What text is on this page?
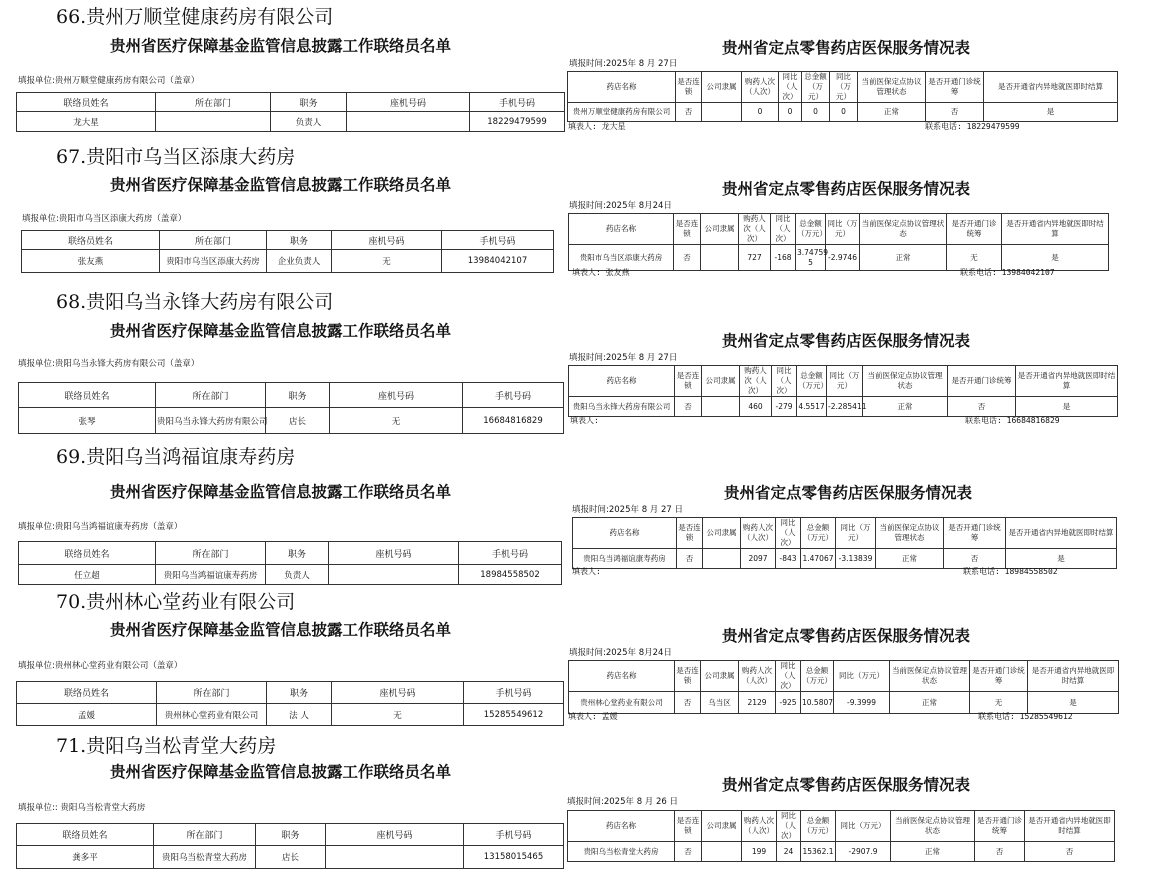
66.贵州万顺堂健康药房有限公司
贵州省医疗保障基金监管信息披露工作联络员名单	贵州省定点零售药店医保服务情况表
填报单位:贵州万顺堂健康药房有限公司（盖章）
填报时间:2025年 8 月 27日
联络员姓名	所在部门	职务	座机号码	手机号码
龙大星		负责人		18229479599
药店名称	是否连锁	公司隶属	购药人次（人次）	同比（人次）	总金额（万元）	同比（万元）	当前医保定点协议管理状态	是否开通门诊统筹	是否开通省内异地就医即时结算
贵州万顺堂健康药房有限公司	否		0	0	0	0	正常	否	是
填表人: 龙大星	联系电话: 18229479599
67.贵阳市乌当区添康大药房
贵州省医疗保障基金监管信息披露工作联络员名单	贵州省定点零售药店医保服务情况表
填报单位:贵阳市乌当区添康大药房（盖章）
填报时间:2025年 8月24日
联络员姓名	所在部门	职务	座机号码	手机号码
张友燕	贵阳市乌当区添康大药房	企业负责人	无	13984042107
药店名称	是否连锁	公司隶属	购药人次（人次）	同比（人次）	总金额（万元）	同比（万元）	当前医保定点协议管理状态	是否开通门诊统筹	是否开通省内异地就医即时结算
贵阳市乌当区添康大药房	否		727	-168	3.74759 5	-2.9746	正常	无	是
填表人: 张友燕	联系电话: 13984042107
68.贵阳乌当永锋大药房有限公司
贵州省医疗保障基金监管信息披露工作联络员名单
贵州省定点零售药店医保服务情况表
填报单位:贵阳乌当永锋大药房有限公司（盖章）
填报时间:2025年 8 月 27日
联络员姓名	所在部门	职务	座机号码	手机号码
张琴	贵阳乌当永锋大药房有限公司	店长	无	16684816829
药店名称	是否连锁	公司隶属	购药人次（人次）	同比（人次）	总金额（万元）	同比（万元）	当前医保定点协议管理状态	是否开通门诊统筹	是否开通省内异地就医即时结算
贵阳乌当永锋大药房有限公司	否		460	-279	4.5517	-2.285411	正常	否	是
填表人:	联系电话: 16684816829
69.贵阳乌当鸿福谊康寿药房
贵州省医疗保障基金监管信息披露工作联络员名单	贵州省定点零售药店医保服务情况表
填报单位:贵阳乌当鸿福谊康寿药房（盖章）
填报时间:2025年 8 月 27 日
联络员姓名	所在部门	职务	座机号码	手机号码
任立超	贵阳乌当鸿福谊康寿药房	负责人		18984558502
药店名称	是否连锁	公司隶属	购药人次（人次）	同比（人次）	总金额（万元）	同比（万元）	当前医保定点协议管理状态	是否开通门诊统筹	是否开通省内异地就医即时结算
贵阳乌当鸿福谊康寿药房	否		2097	-843	1.47067	-3.13839	正常	否	是
填表人:	联系电话: 18984558502
70.贵州林心堂药业有限公司
贵州省医疗保障基金监管信息披露工作联络员名单	贵州省定点零售药店医保服务情况表
填报单位:贵州林心堂药业有限公司（盖章）
填报时间:2025年 8月24日
联络员姓名	所在部门	职务	座机号码	手机号码
孟媛	贵州林心堂药业有限公司	法 人	无	15285549612
药店名称	是否连锁	公司隶属	购药人次（人次）	同比（人次）	总金额（万元）	同比（万元）	当前医保定点协议管理状态	是否开通门诊统筹	是否开通省内异地就医即时结算
贵州林心堂药业有限公司	否	乌当区	2129	-925	10.5807	-9.3999	正常	无	是
填表人: 孟媛	联系电话: 15285549612
71.贵阳乌当松青堂大药房
贵州省医疗保障基金监管信息披露工作联络员名单
贵州省定点零售药店医保服务情况表
填报单位:: 贵阳乌当松青堂大药房
填报时间:2025年 8 月 26 日
联络员姓名	所在部门	职务	座机号码	手机号码
龚多平	贵阳乌当松青堂大药房	店长		13158015465
药店名称	是否连锁	公司隶属	购药人次（人次）	同比（人次）	总金额（万元）	同比（万元）	当前医保定点协议管理状态	是否开通门诊统筹	是否开通省内异地就医即时结算
贵阳乌当松青堂大药房	否		199	24	15362.1	-2907.9	正常	否	否
